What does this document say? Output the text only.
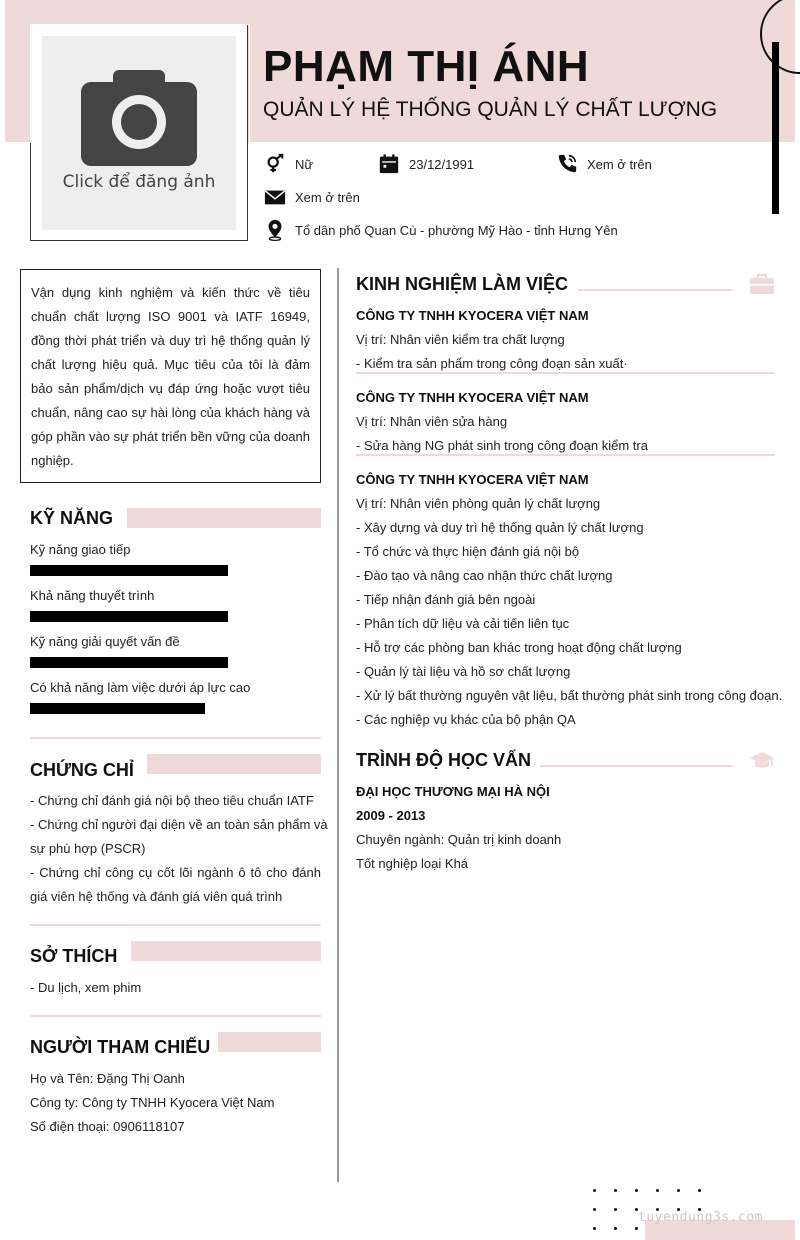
Click để đăng ảnh
PHẠM THỊ ÁNH
QUẢN LÝ HỆ THỐNG QUẢN LÝ CHẤT LƯỢNG
Nữ	23/12/1991	Xem ở trên
Xem ở trên
Tổ dân phố Quan Cù - phường Mỹ Hào - tỉnh Hưng Yên

Vận dụng kinh nghiệm và kiến thức về tiêu chuẩn chất lượng ISO 9001 và IATF 16949, đồng thời phát triển và duy trì hệ thống quản lý chất lượng hiệu quả. Mục tiêu của tôi là đảm bảo sản phẩm/dịch vụ đáp ứng hoặc vượt tiêu chuẩn, nâng cao sự hài lòng của khách hàng và góp phần vào sự phát triển bền vững của doanh nghiệp.

KỸ NĂNG
Kỹ năng giao tiếp
Khả năng thuyết trình
Kỹ năng giải quyết vấn đề
Có khả năng làm việc dưới áp lực cao
CHỨNG CHỈ
- Chứng chỉ đánh giá nội bộ theo tiêu chuẩn IATF
- Chứng chỉ người đại diện về an toàn sản phẩm và
sự phù hợp (PSCR)
- Chứng chỉ công cụ cốt lõi ngành ô tô cho đánh
giá viên hệ thống và đánh giá viên quá trình
SỞ THÍCH
- Du lịch, xem phim
NGƯỜI THAM CHIẾU
Họ và Tên: Đặng Thị Oanh
Công ty: Công ty TNHH Kyocera Việt Nam
Số điện thoại: 0906118107
KINH NGHIỆM LÀM VIỆC
CÔNG TY TNHH KYOCERA VIỆT NAM
Vị trí: Nhân viên kiểm tra chất lượng
- Kiểm tra sản phẩm trong công đoạn sản xuất·
CÔNG TY TNHH KYOCERA VIỆT NAM
Vị trí: Nhân viên sửa hàng
- Sửa hàng NG phát sinh trong công đoạn kiểm tra
CÔNG TY TNHH KYOCERA VIỆT NAM
Vị trí: Nhân viên phòng quản lý chất lượng
- Xây dựng và duy trì hệ thống quản lý chất lượng
- Tổ chức và thực hiện đánh giá nội bộ
- Đào tạo và nâng cao nhận thức chất lượng
- Tiếp nhận đánh giá bên ngoài
- Phân tích dữ liệu và cải tiến liên tục
- Hỗ trợ các phòng ban khác trong hoạt động chất lượng
- Quản lý tài liệu và hồ sơ chất lượng
- Xử lý bất thường nguyên vật liệu, bất thường phát sinh trong công đoạn.
- Các nghiệp vụ khác của bộ phận QA
TRÌNH ĐỘ HỌC VẤN
ĐẠI HỌC THƯƠNG MẠI HÀ NỘI
2009 - 2013
Chuyên ngành: Quản trị kinh doanh
Tốt nghiệp loại Khá
tuyendung3s.com
